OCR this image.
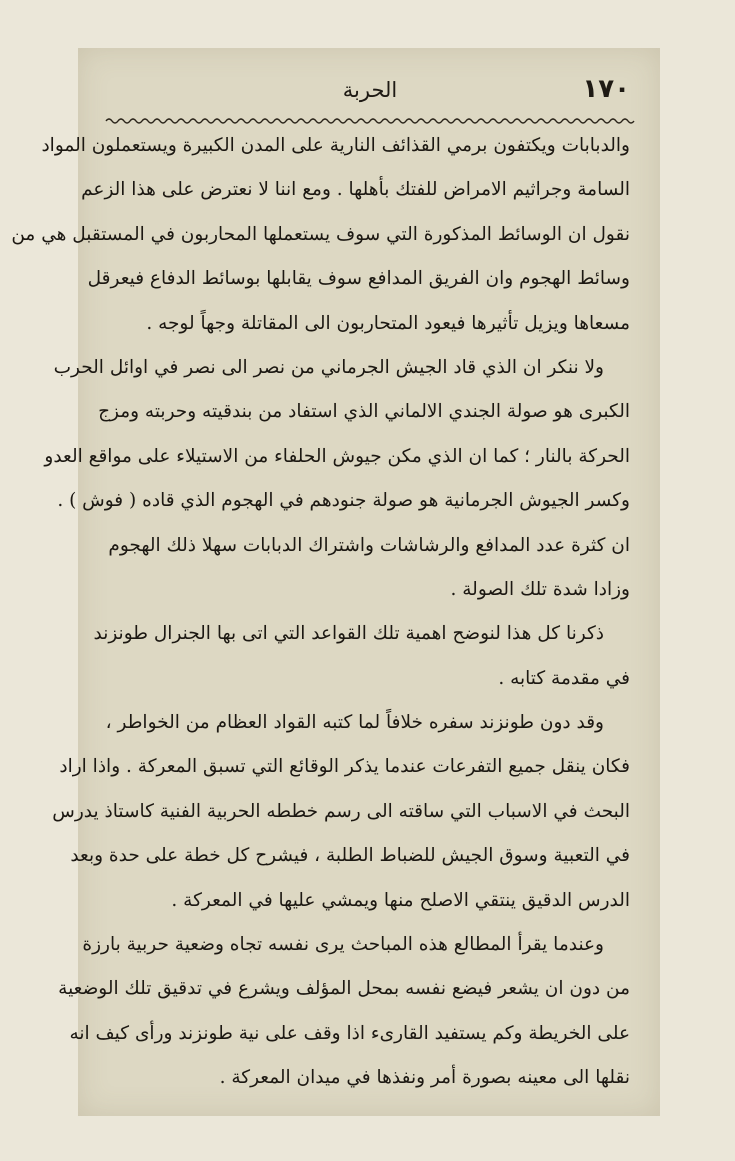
١٧٠
الحربة
والدبابات ويكتفون برمي القذائف النارية على المدن الكبيرة ويستعملون المواد
السامة وجراثيم الامراض للفتك بأهلها . ومع اننا لا نعترض على هذا الزعم
نقول ان الوسائط المذكورة التي سوف يستعملها المحاربون في المستقبل هي من
وسائط الهجوم وان الفريق المدافع سوف يقابلها بوسائط الدفاع فيعرقل
مسعاها ويزيل تأثيرها فيعود المتحاربون الى المقاتلة وجهاً لوجه .
ولا ننكر ان الذي قاد الجيش الجرماني من نصر الى نصر في اوائل الحرب
الكبرى هو صولة الجندي الالماني الذي استفاد من بندقيته وحربته ومزج
الحركة بالنار ؛ كما ان الذي مكن جيوش الحلفاء من الاستيلاء على مواقع العدو
وكسر الجيوش الجرمانية هو صولة جنودهم في الهجوم الذي قاده ( فوش ) .
ان كثرة عدد المدافع والرشاشات واشتراك الدبابات سهلا ذلك الهجوم
وزادا شدة تلك الصولة .
ذكرنا كل هذا لنوضح اهمية تلك القواعد التي اتى بها الجنرال طونزند
في مقدمة كتابه .
وقد دون طونزند سفره خلافاً لما كتبه القواد العظام من الخواطر ،
فكان ينقل جميع التفرعات عندما يذكر الوقائع التي تسبق المعركة . واذا اراد
البحث في الاسباب التي ساقته الى رسم خططه الحربية الفنية كاستاذ يدرس
في التعبية وسوق الجيش للضباط الطلبة ، فيشرح كل خطة على حدة وبعد
الدرس الدقيق ينتقي الاصلح منها ويمشي عليها في المعركة .
وعندما يقرأ المطالع هذه المباحث يرى نفسه تجاه وضعية حربية بارزة
من دون ان يشعر فيضع نفسه بمحل المؤلف ويشرع في تدقيق تلك الوضعية
على الخريطة وكم يستفيد القارىء اذا وقف على نية طونزند ورأى كيف انه
نقلها الى معينه بصورة أمر ونفذها في ميدان المعركة .
